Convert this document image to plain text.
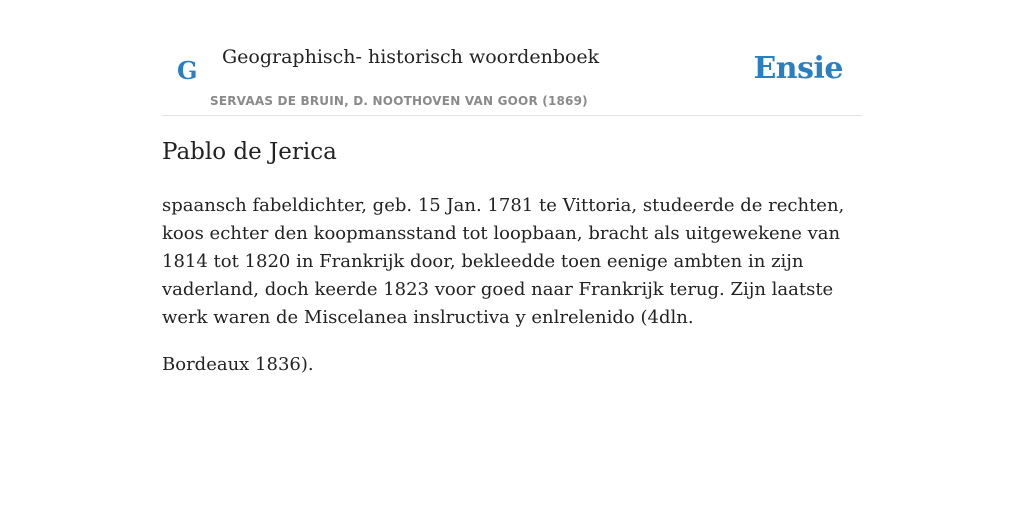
G Geographisch- historisch woordenboek
SERVAAS DE BRUIN, D. NOOTHOVEN VAN GOOR (1869)
Ensie
Pablo de Jerica

spaansch fabeldichter, geb. 15 Jan. 1781 te Vittoria, studeerde de rechten, koos echter den koopmansstand tot loopbaan, bracht als uitgewekene van 1814 tot 1820 in Frankrijk door, bekleedde toen eenige ambten in zijn vaderland, doch keerde 1823 voor goed naar Frankrijk terug. Zijn laatste werk waren de Miscelanea inslructiva y enlrelenido (4dln.

Bordeaux 1836).
